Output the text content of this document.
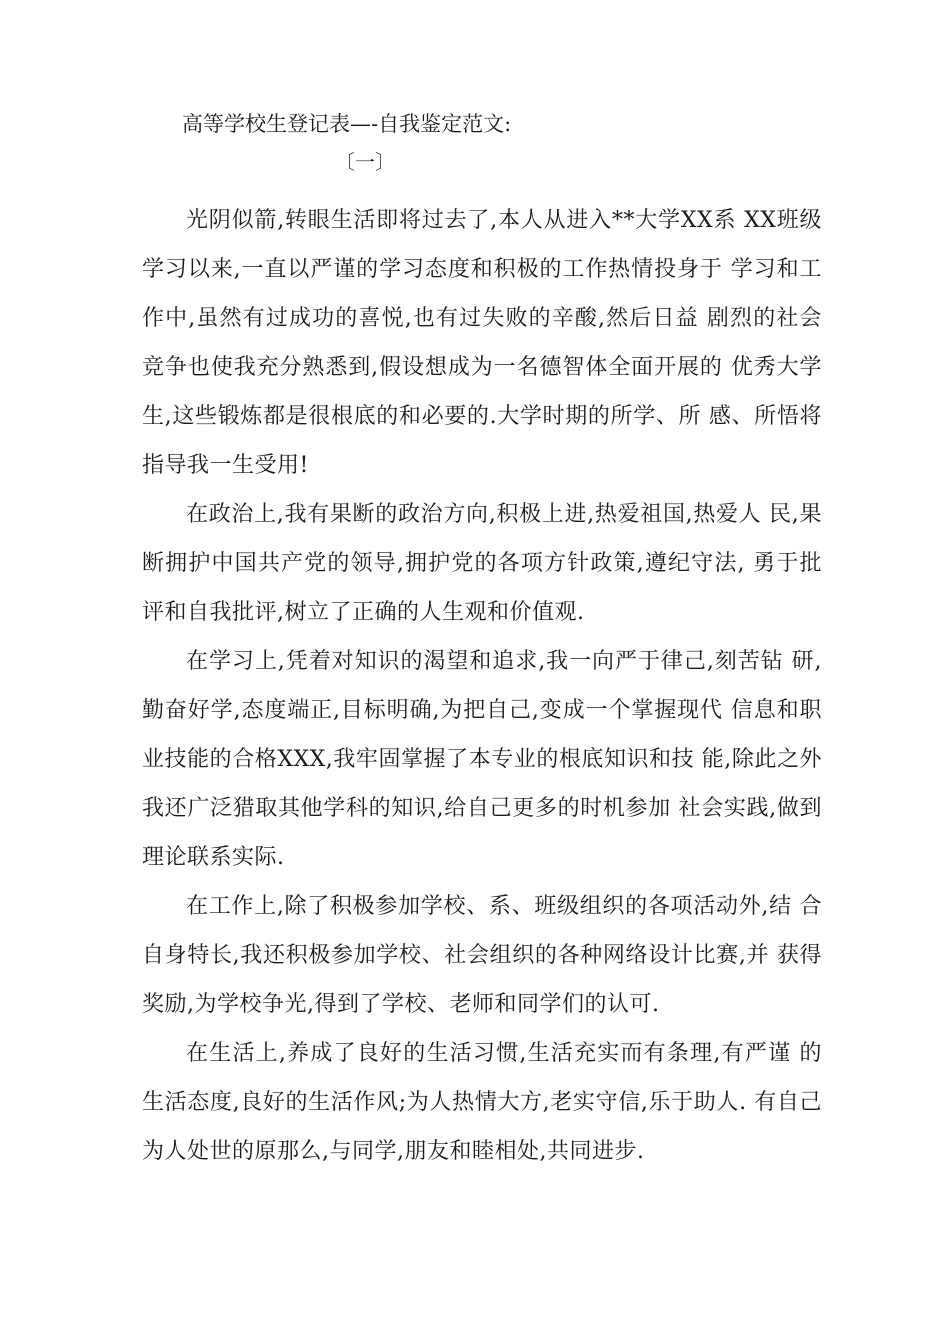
高等学校生登记表—-自我鉴定范文:
〔一〕

光阴似箭,转眼生活即将过去了,本人从进入**大学XX系 XX班级学习以来,一直以严谨的学习态度和积极的工作热情投身于 学习和工作中,虽然有过成功的喜悦,也有过失败的辛酸,然后日益 剧烈的社会竞争也使我充分熟悉到,假设想成为一名德智体全面开展的 优秀大学生,这些锻炼都是很根底的和必要的.大学时期的所学、所 感、所悟将指导我一生受用!

在政治上,我有果断的政治方向,积极上进,热爱祖国,热爱人 民,果断拥护中国共产党的领导,拥护党的各项方针政策,遵纪守法, 勇于批评和自我批评,树立了正确的人生观和价值观.

在学习上,凭着对知识的渴望和追求,我一向严于律己,刻苦钻 研,勤奋好学,态度端正,目标明确,为把自己,变成一个掌握现代 信息和职业技能的合格XXX,我牢固掌握了本专业的根底知识和技 能,除此之外我还广泛猎取其他学科的知识,给自己更多的时机参加 社会实践,做到理论联系实际.

在工作上,除了积极参加学校、系、班级组织的各项活动外,结 合自身特长,我还积极参加学校、社会组织的各种网络设计比赛,并 获得奖励,为学校争光,得到了学校、老师和同学们的认可.

在生活上,养成了良好的生活习惯,生活充实而有条理,有严谨 的生活态度,良好的生活作风;为人热情大方,老实守信,乐于助人. 有自己为人处世的原那么,与同学,朋友和睦相处,共同进步.
